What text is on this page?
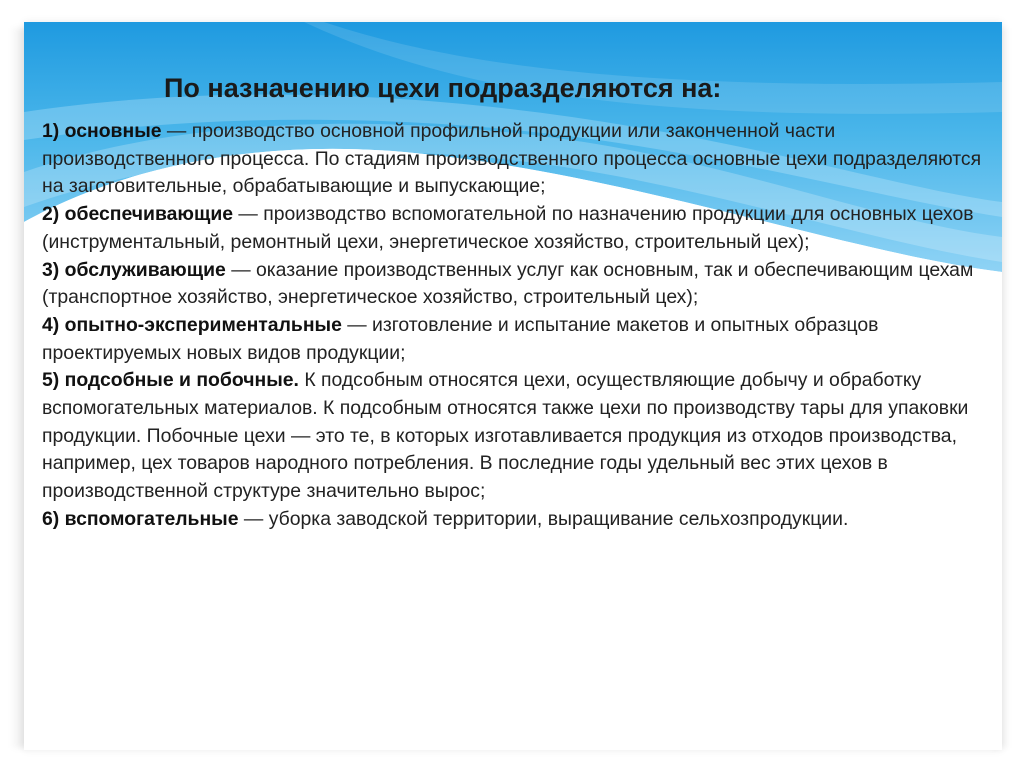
По назначению цехи подразделяются на:

1) основные — производство основной профильной продукции или законченной части производственного процесса. По стадиям производственного процесса основные цехи подразделяются на заготовительные, обрабатывающие и выпускающие;

2) обеспечивающие — производство вспомогательной по назначению продукции для основных цехов (инструментальный, ремонтный цехи, энергетическое хозяйство, строительный цех);

3) обслуживающие — оказание производственных услуг как основным, так и обеспечивающим цехам (транспортное хозяйство, энергетическое хозяйство, строительный цех);

4) опытно-экспериментальные — изготовление и испытание макетов и опытных образцов проектируемых новых видов продукции;

5) подсобные и побочные. К подсобным относятся цехи, осуществляющие добычу и обработку вспомогательных материалов. К подсобным относятся также цехи по производству тары для упаковки продукции. Побочные цехи — это те, в которых изготавливается продукция из отходов производства, например, цех товаров народного потребления. В последние годы удельный вес этих цехов в производственной структуре значительно вырос;

6) вспомогательные — уборка заводской территории, выращивание сельхозпродукции.
